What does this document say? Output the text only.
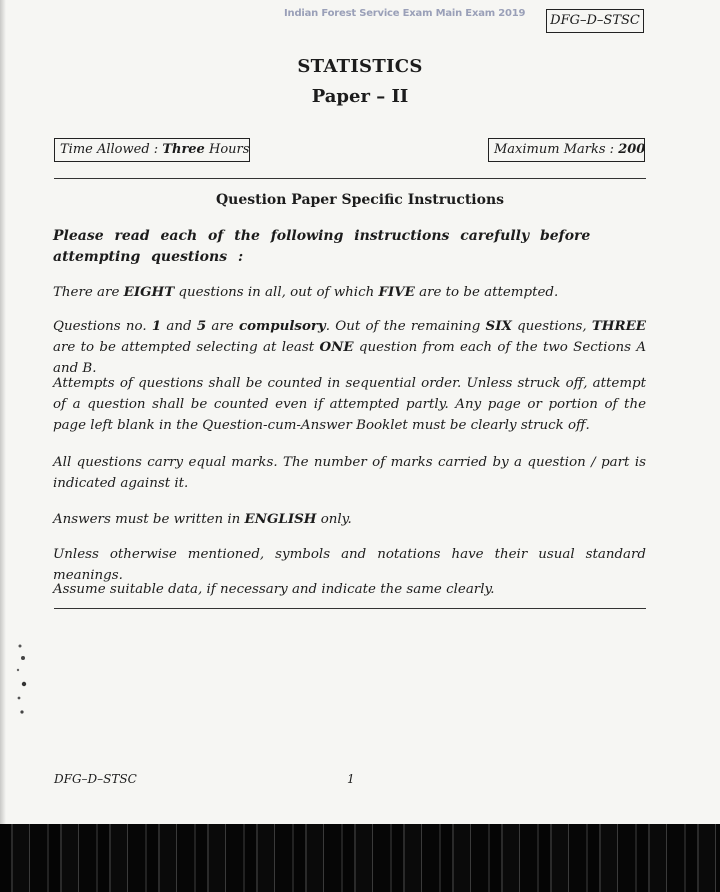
Indian Forest Service Exam Main Exam 2019	DFG–D–STSC
STATISTICS
Paper – II
Time Allowed : Three Hours	Maximum Marks : 200
Question Paper Specific Instructions
Please read each of the following instructions carefully before attempting questions :
There are EIGHT questions in all, out of which FIVE are to be attempted.
Questions no. 1 and 5 are compulsory. Out of the remaining SIX questions, THREE are to be attempted selecting at least ONE question from each of the two Sections A and B.
Attempts of questions shall be counted in sequential order. Unless struck off, attempt of a question shall be counted even if attempted partly. Any page or portion of the page left blank in the Question-cum-Answer Booklet must be clearly struck off.
All questions carry equal marks. The number of marks carried by a question / part is indicated against it.
Answers must be written in ENGLISH only.
Unless otherwise mentioned, symbols and notations have their usual standard meanings.
Assume suitable data, if necessary and indicate the same clearly.
DFG–D–STSC	1
